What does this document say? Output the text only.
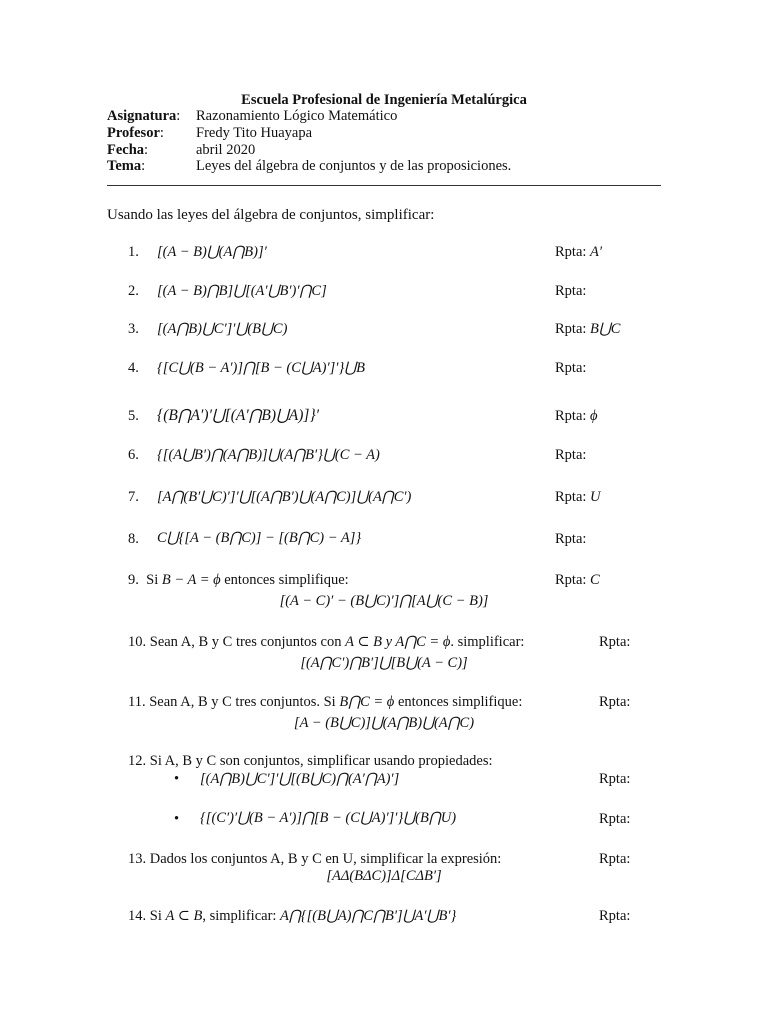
Escuela Profesional de Ingeniería Metalúrgica
Asignatura: Razonamiento Lógico Matemático
Profesor: Fredy Tito Huayapa
Fecha:	abril 2020
Tema:	Leyes del álgebra de conjuntos y de las proposiciones.
Usando las leyes del álgebra de conjuntos, simplificar:
1. [(A − B)⋃(A⋂B)]′	Rpta: A′
2. [(A − B)⋂B]⋃[(A′⋃B′)′⋂C]	Rpta:
3. [(A⋂B)⋃C′]′⋃(B⋃C)	Rpta: B⋃C
4. {[C⋃(B − A′)]⋂[B − (C⋃A)′]′}⋃B	Rpta:
5. {(B⋂A′)′⋃[(A′⋂B)⋃A)]}′	Rpta: ϕ
6. {[(A⋃B′)⋂(A⋂B)]⋃(A⋂B′}⋃(C − A)	Rpta:
7. [A⋂(B′⋃C)′]′⋃[(A⋂B′)⋃(A⋂C)]⋃(A⋂C′)	Rpta: U
8. C⋃{[A − (B⋂C)] − [(B⋂C) − A]}	Rpta:
9. Si B − A = ϕ entonces simplifique:	Rpta: C
[(A − C)′ − (B⋃C)′]⋂[A⋃(C − B)]
10. Sean A, B y C tres conjuntos con A ⊂ B y A⋂C = ϕ. simplificar:	Rpta:
[(A⋂C′)⋂B′]⋃[B⋃(A − C)]
11. Sean A, B y C tres conjuntos. Si B⋂C = ϕ entonces simplifique:	Rpta:
[A − (B⋃C)]⋃(A⋂B)⋃(A⋂C)
12. Si A, B y C son conjuntos, simplificar usando propiedades:
• [(A⋂B)⋃C′]′⋃[(B⋃C)⋂(A′⋂A)′]	Rpta:
• {[(C′)′⋃(B − A′)]⋂[B − (C⋃A)′]′}⋃(B⋂U)	Rpta:
13. Dados los conjuntos A, B y C en U, simplificar la expresión:	Rpta:
[AΔ(BΔC)]Δ[CΔB′]
14. Si A ⊂ B, simplificar: A⋂{[(B⋃A)⋂C⋂B′]⋃A′⋃B′}	Rpta:
